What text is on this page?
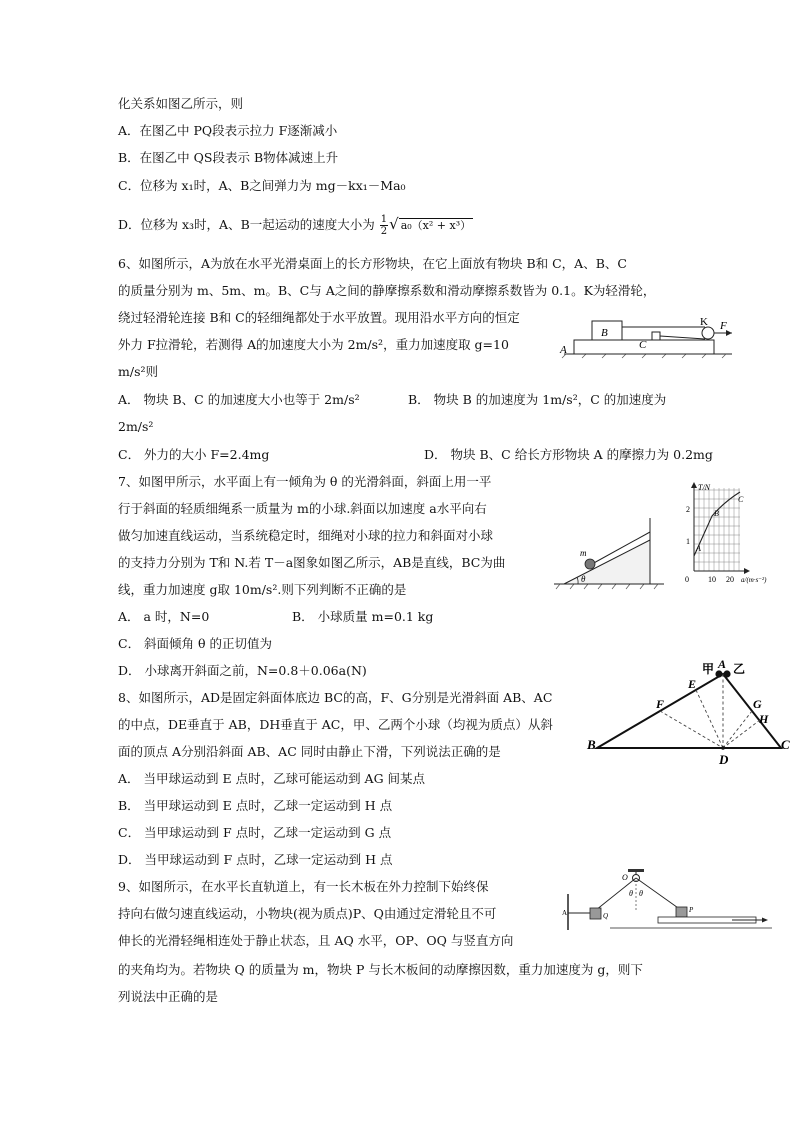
化关系如图乙所示，则
A．在图乙中 PQ段表示拉力 F逐渐减小
B．在图乙中 QS段表示 B物体减速上升
C．位移为 x₁时，A、B之间弹力为 mg－kx₁－Ma₀
D．位移为 x₃时，A、B一起运动的速度大小为 $\frac{1}{2}$ √ a₀（x² + x³）
6、如图所示，A为放在水平光滑桌面上的长方形物块，在它上面放有物块 B和 C，A、B、C
的质量分别为 m、5m、m。B、C与 A之间的静摩擦系数和滑动摩擦系数皆为 0.1。K为轻滑轮，
绕过轻滑轮连接 B和 C的轻细绳都处于水平放置。现用沿水平方向的恒定
外力 F拉滑轮，若测得 A的加速度大小为 2m/s²，重力加速度取 g=10
m/s²则
A
B
C
K F
A． 物块 B、C 的加速度大小也等于 2m/s²	B． 物块 B 的加速度为 1m/s²，C 的加速度为
2m/s²
C． 外力的大小 F=2.4mg	D． 物块 B、C 给长方形物块 A 的摩擦力为 0.2mg
7、如图甲所示，水平面上有一倾角为 θ 的光滑斜面，斜面上用一平
行于斜面的轻质细绳系一质量为 m的小球.斜面以加速度 a水平向右
做匀加速直线运动，当系统稳定时，细绳对小球的拉力和斜面对小球
的支持力分别为 T和 N.若 T－a图象如图乙所示，AB是直线，BC为曲
线，重力加速度 g取 10m/s².则下列判断不正确的是
m
θ
T/N
2
1
0 10 20 a/(m·s⁻²)
A
B
C
A． a 时，N=0	B． 小球质量 m=0.1 kg
C． 斜面倾角 θ 的正切值为
D． 小球离开斜面之前，N=0.8＋0.06a(N)
8、如图所示，AD是固定斜面体底边 BC的高，F、G分别是光滑斜面 AB、AC
的中点，DE垂直于 AB，DH垂直于 AC，甲、乙两个小球（均视为质点）从斜
面的顶点 A分别沿斜面 AB、AC 同时由静止下滑，下列说法正确的是
A． 当甲球运动到 E 点时，乙球可能运动到 AG 间某点
B． 当甲球运动到 E 点时，乙球一定运动到 H 点
C． 当甲球运动到 F 点时，乙球一定运动到 G 点
D． 当甲球运动到 F 点时，乙球一定运动到 H 点
甲 A 乙
B	C
D
E
F	G
H
9、如图所示，在水平长直轨道上，有一长木板在外力控制下始终保
持向右做匀速直线运动，小物块(视为质点)P、Q由通过定滑轮且不可
伸长的光滑轻绳相连处于静止状态，且 AQ 水平，OP、OQ 与竖直方向
的夹角均为。若物块 Q 的质量为 m，物块 P 与长木板间的动摩擦因数，重力加速度为 g，则下
列说法中正确的是
O
θ θ
A	Q
P
